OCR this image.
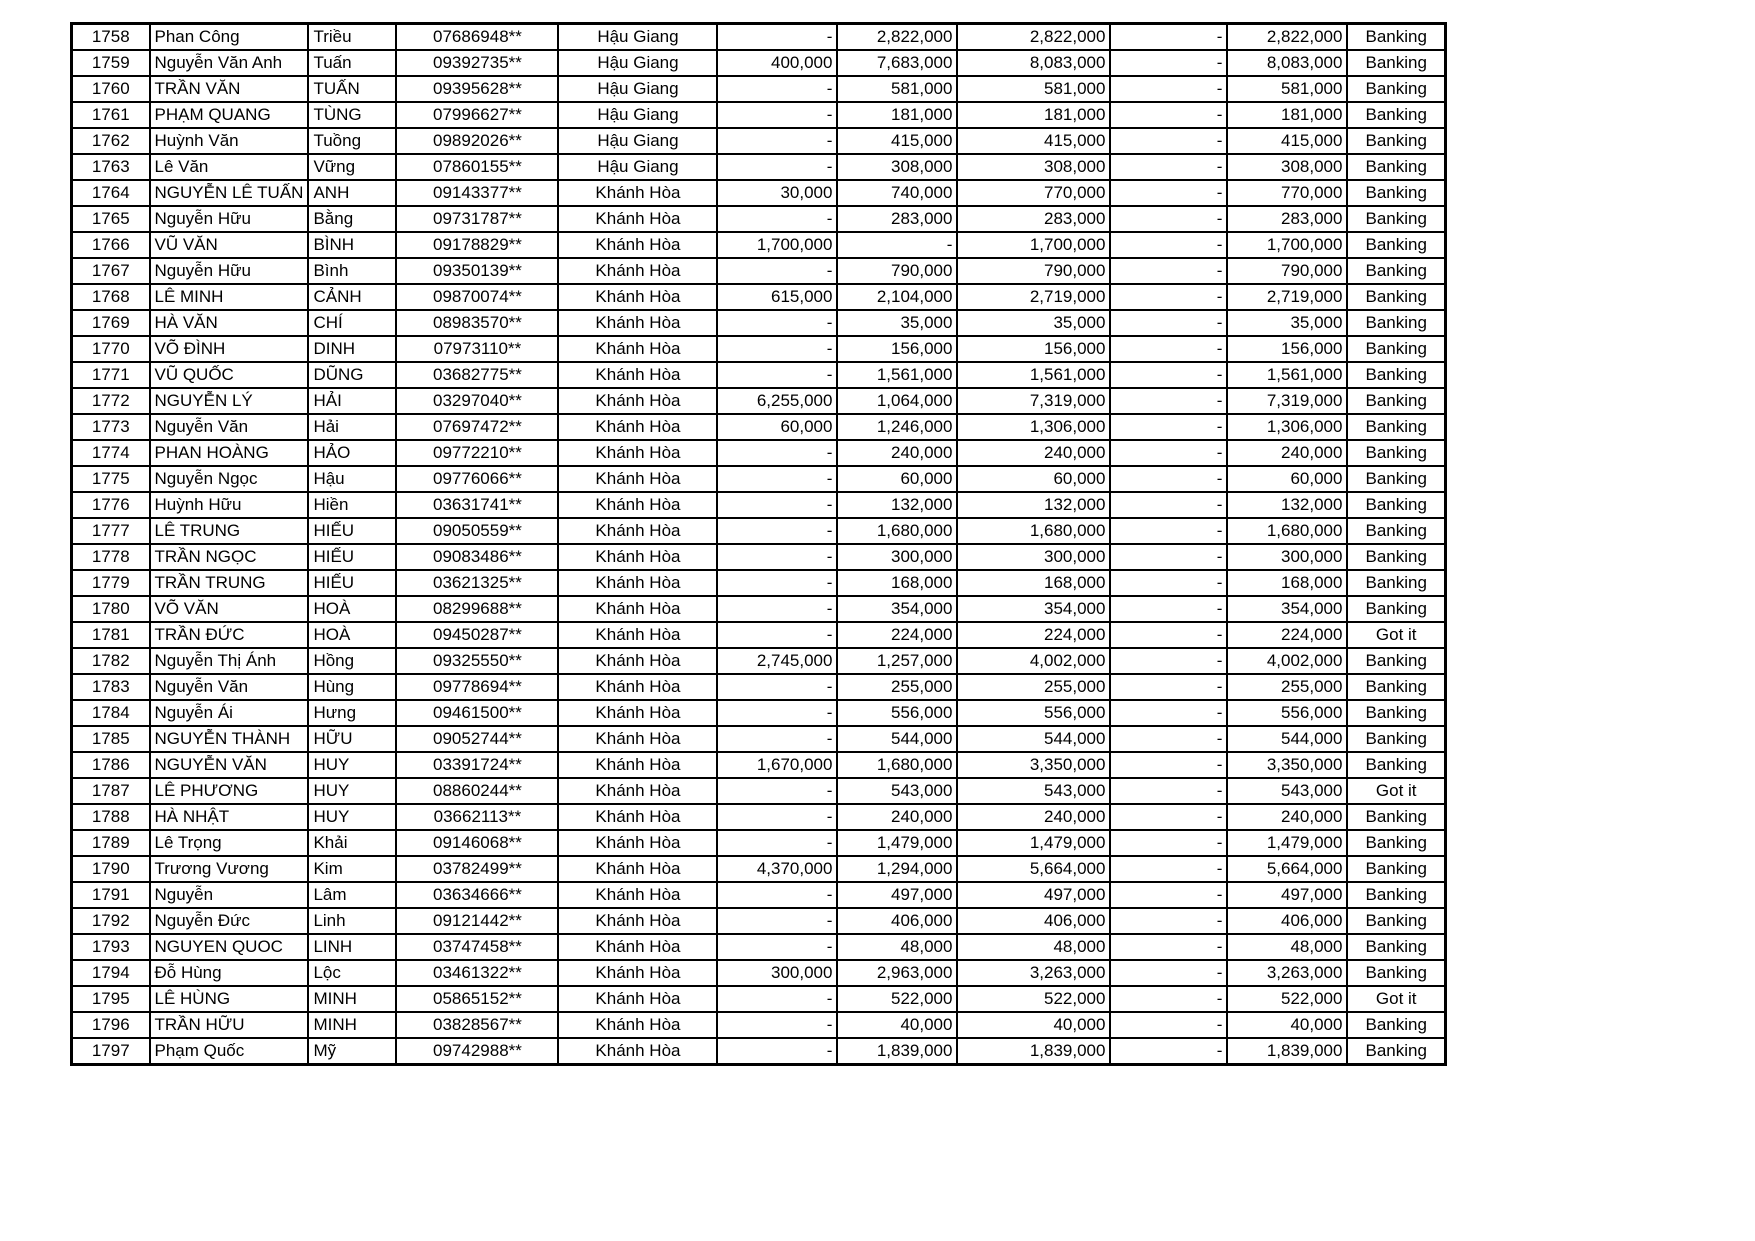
1758	Phan Công	Triều	07686948**	Hậu Giang	-	2,822,000	2,822,000	-	2,822,000	Banking
1759	Nguyễn Văn Anh	Tuấn	09392735**	Hậu Giang	400,000	7,683,000	8,083,000	-	8,083,000	Banking
1760	TRẦN VĂN	TUẤN	09395628**	Hậu Giang	-	581,000	581,000	-	581,000	Banking
1761	PHẠM QUANG	TÙNG	07996627**	Hậu Giang	-	181,000	181,000	-	181,000	Banking
1762	Huỳnh Văn	Tuồng	09892026**	Hậu Giang	-	415,000	415,000	-	415,000	Banking
1763	Lê Văn	Vững	07860155**	Hậu Giang	-	308,000	308,000	-	308,000	Banking
1764	NGUYỄN LÊ TUẤN	ANH	09143377**	Khánh Hòa	30,000	740,000	770,000	-	770,000	Banking
1765	Nguyễn Hữu	Bằng	09731787**	Khánh Hòa	-	283,000	283,000	-	283,000	Banking
1766	VŨ VĂN	BÌNH	09178829**	Khánh Hòa	1,700,000	-	1,700,000	-	1,700,000	Banking
1767	Nguyễn Hữu	Bình	09350139**	Khánh Hòa	-	790,000	790,000	-	790,000	Banking
1768	LÊ MINH	CẢNH	09870074**	Khánh Hòa	615,000	2,104,000	2,719,000	-	2,719,000	Banking
1769	HÀ VĂN	CHÍ	08983570**	Khánh Hòa	-	35,000	35,000	-	35,000	Banking
1770	VÕ ĐÌNH	DINH	07973110**	Khánh Hòa	-	156,000	156,000	-	156,000	Banking
1771	VŨ QUỐC	DŨNG	03682775**	Khánh Hòa	-	1,561,000	1,561,000	-	1,561,000	Banking
1772	NGUYỄN LÝ	HẢI	03297040**	Khánh Hòa	6,255,000	1,064,000	7,319,000	-	7,319,000	Banking
1773	Nguyễn Văn	Hải	07697472**	Khánh Hòa	60,000	1,246,000	1,306,000	-	1,306,000	Banking
1774	PHAN HOÀNG	HẢO	09772210**	Khánh Hòa	-	240,000	240,000	-	240,000	Banking
1775	Nguyễn Ngọc	Hậu	09776066**	Khánh Hòa	-	60,000	60,000	-	60,000	Banking
1776	Huỳnh Hữu	Hiền	03631741**	Khánh Hòa	-	132,000	132,000	-	132,000	Banking
1777	LÊ TRUNG	HIẾU	09050559**	Khánh Hòa	-	1,680,000	1,680,000	-	1,680,000	Banking
1778	TRẦN NGỌC	HIẾU	09083486**	Khánh Hòa	-	300,000	300,000	-	300,000	Banking
1779	TRẦN TRUNG	HIẾU	03621325**	Khánh Hòa	-	168,000	168,000	-	168,000	Banking
1780	VÕ VĂN	HOÀ	08299688**	Khánh Hòa	-	354,000	354,000	-	354,000	Banking
1781	TRẦN ĐỨC	HOÀ	09450287**	Khánh Hòa	-	224,000	224,000	-	224,000	Got it
1782	Nguyễn Thị Ánh	Hồng	09325550**	Khánh Hòa	2,745,000	1,257,000	4,002,000	-	4,002,000	Banking
1783	Nguyễn Văn	Hùng	09778694**	Khánh Hòa	-	255,000	255,000	-	255,000	Banking
1784	Nguyễn Ái	Hưng	09461500**	Khánh Hòa	-	556,000	556,000	-	556,000	Banking
1785	NGUYỄN THÀNH	HỮU	09052744**	Khánh Hòa	-	544,000	544,000	-	544,000	Banking
1786	NGUYỄN VĂN	HUY	03391724**	Khánh Hòa	1,670,000	1,680,000	3,350,000	-	3,350,000	Banking
1787	LÊ PHƯƠNG	HUY	08860244**	Khánh Hòa	-	543,000	543,000	-	543,000	Got it
1788	HÀ NHẬT	HUY	03662113**	Khánh Hòa	-	240,000	240,000	-	240,000	Banking
1789	Lê Trọng	Khải	09146068**	Khánh Hòa	-	1,479,000	1,479,000	-	1,479,000	Banking
1790	Trương Vương	Kim	03782499**	Khánh Hòa	4,370,000	1,294,000	5,664,000	-	5,664,000	Banking
1791	Nguyễn	Lâm	03634666**	Khánh Hòa	-	497,000	497,000	-	497,000	Banking
1792	Nguyễn Đức	Linh	09121442**	Khánh Hòa	-	406,000	406,000	-	406,000	Banking
1793	NGUYEN QUOC	LINH	03747458**	Khánh Hòa	-	48,000	48,000	-	48,000	Banking
1794	Đỗ Hùng	Lộc	03461322**	Khánh Hòa	300,000	2,963,000	3,263,000	-	3,263,000	Banking
1795	LÊ HÙNG	MINH	05865152**	Khánh Hòa	-	522,000	522,000	-	522,000	Got it
1796	TRẦN HỮU	MINH	03828567**	Khánh Hòa	-	40,000	40,000	-	40,000	Banking
1797	Phạm Quốc	Mỹ	09742988**	Khánh Hòa	-	1,839,000	1,839,000	-	1,839,000	Banking
